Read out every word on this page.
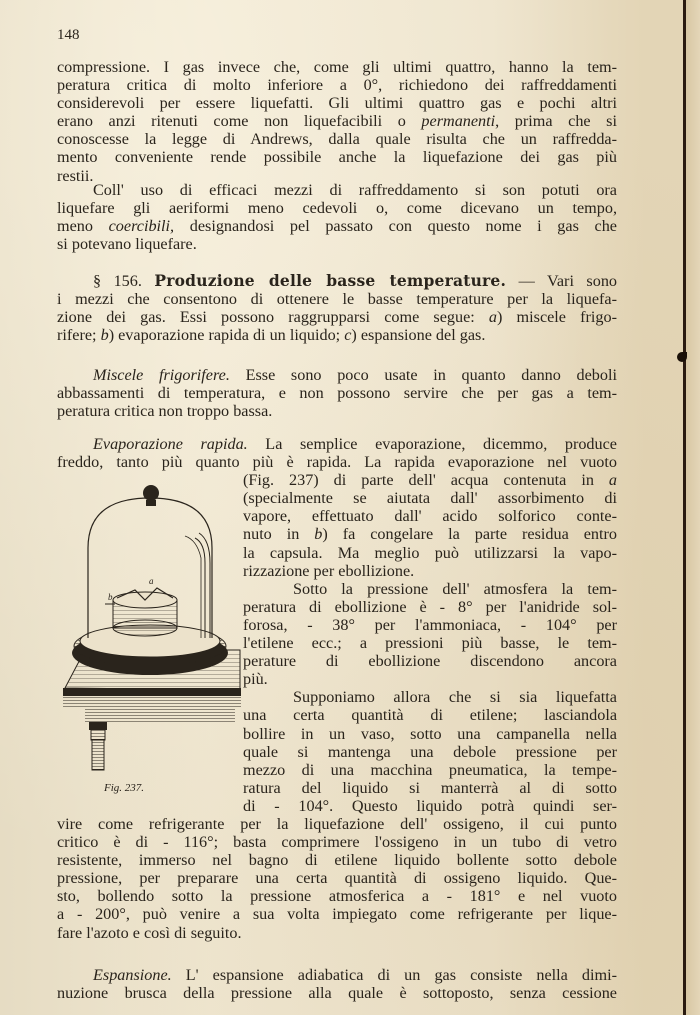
148
compressione. I gas invece che, come gli ultimi quattro, hanno la tem-
peratura critica di molto inferiore a 0°, richiedono dei raffreddamenti
considerevoli per essere liquefatti. Gli ultimi quattro gas e pochi altri
erano anzi ritenuti come non liquefacibili o permanenti, prima che si
conoscesse la legge di Andrews, dalla quale risulta che un raffredda-
mento conveniente rende possibile anche la liquefazione dei gas più
restii.
Coll' uso di efficaci mezzi di raffreddamento si son potuti ora
liquefare gli aeriformi meno cedevoli o, come dicevano un tempo,
meno coercibili, designandosi pel passato con questo nome i gas che
si potevano liquefare.
§ 156. Produzione delle basse temperature. — Vari sono
i mezzi che consentono di ottenere le basse temperature per la liquefa-
zione dei gas. Essi possono raggrupparsi come segue: a) miscele frigo-
rifere; b) evaporazione rapida di un liquido; c) espansione del gas.
Miscele frigorifere. Esse sono poco usate in quanto danno deboli
abbassamenti di temperatura, e non possono servire che per gas a tem-
peratura critica non troppo bassa.
Evaporazione rapida. La semplice evaporazione, dicemmo, produce
freddo, tanto più quanto più è rapida. La rapida evaporazione nel vuoto
(Fig. 237) di parte dell' acqua contenuta in a
(specialmente se aiutata dall' assorbimento di
vapore, effettuato dall' acido solforico conte-
nuto in b) fa congelare la parte residua entro
la capsula. Ma meglio può utilizzarsi la vapo-
rizzazione per ebollizione.
Sotto la pressione dell' atmosfera la tem-
peratura di ebollizione è - 8° per l'anidride sol-
forosa, - 38° per l'ammoniaca, - 104° per
l'etilene ecc.; a pressioni più basse, le tem-
perature di ebollizione discendono ancora
più.
Supponiamo allora che si sia liquefatta
una certa quantità di etilene; lasciandola
bollire in un vaso, sotto una campanella nella
quale si mantenga una debole pressione per
mezzo di una macchina pneumatica, la tempe-
ratura del liquido si manterrà al di sotto
di - 104°. Questo liquido potrà quindi ser-
vire come refrigerante per la liquefazione dell' ossigeno, il cui punto
critico è di - 116°; basta comprimere l'ossigeno in un tubo di vetro
resistente, immerso nel bagno di etilene liquido bollente sotto debole
pressione, per preparare una certa quantità di ossigeno liquido. Que-
sto, bollendo sotto la pressione atmosferica a - 181° e nel vuoto
a - 200°, può venire a sua volta impiegato come refrigerante per lique-
fare l'azoto e così di seguito.
Espansione. L' espansione adiabatica di un gas consiste nella dimi-
nuzione brusca della pressione alla quale è sottoposto, senza cessione
a
b
Fig. 237.
